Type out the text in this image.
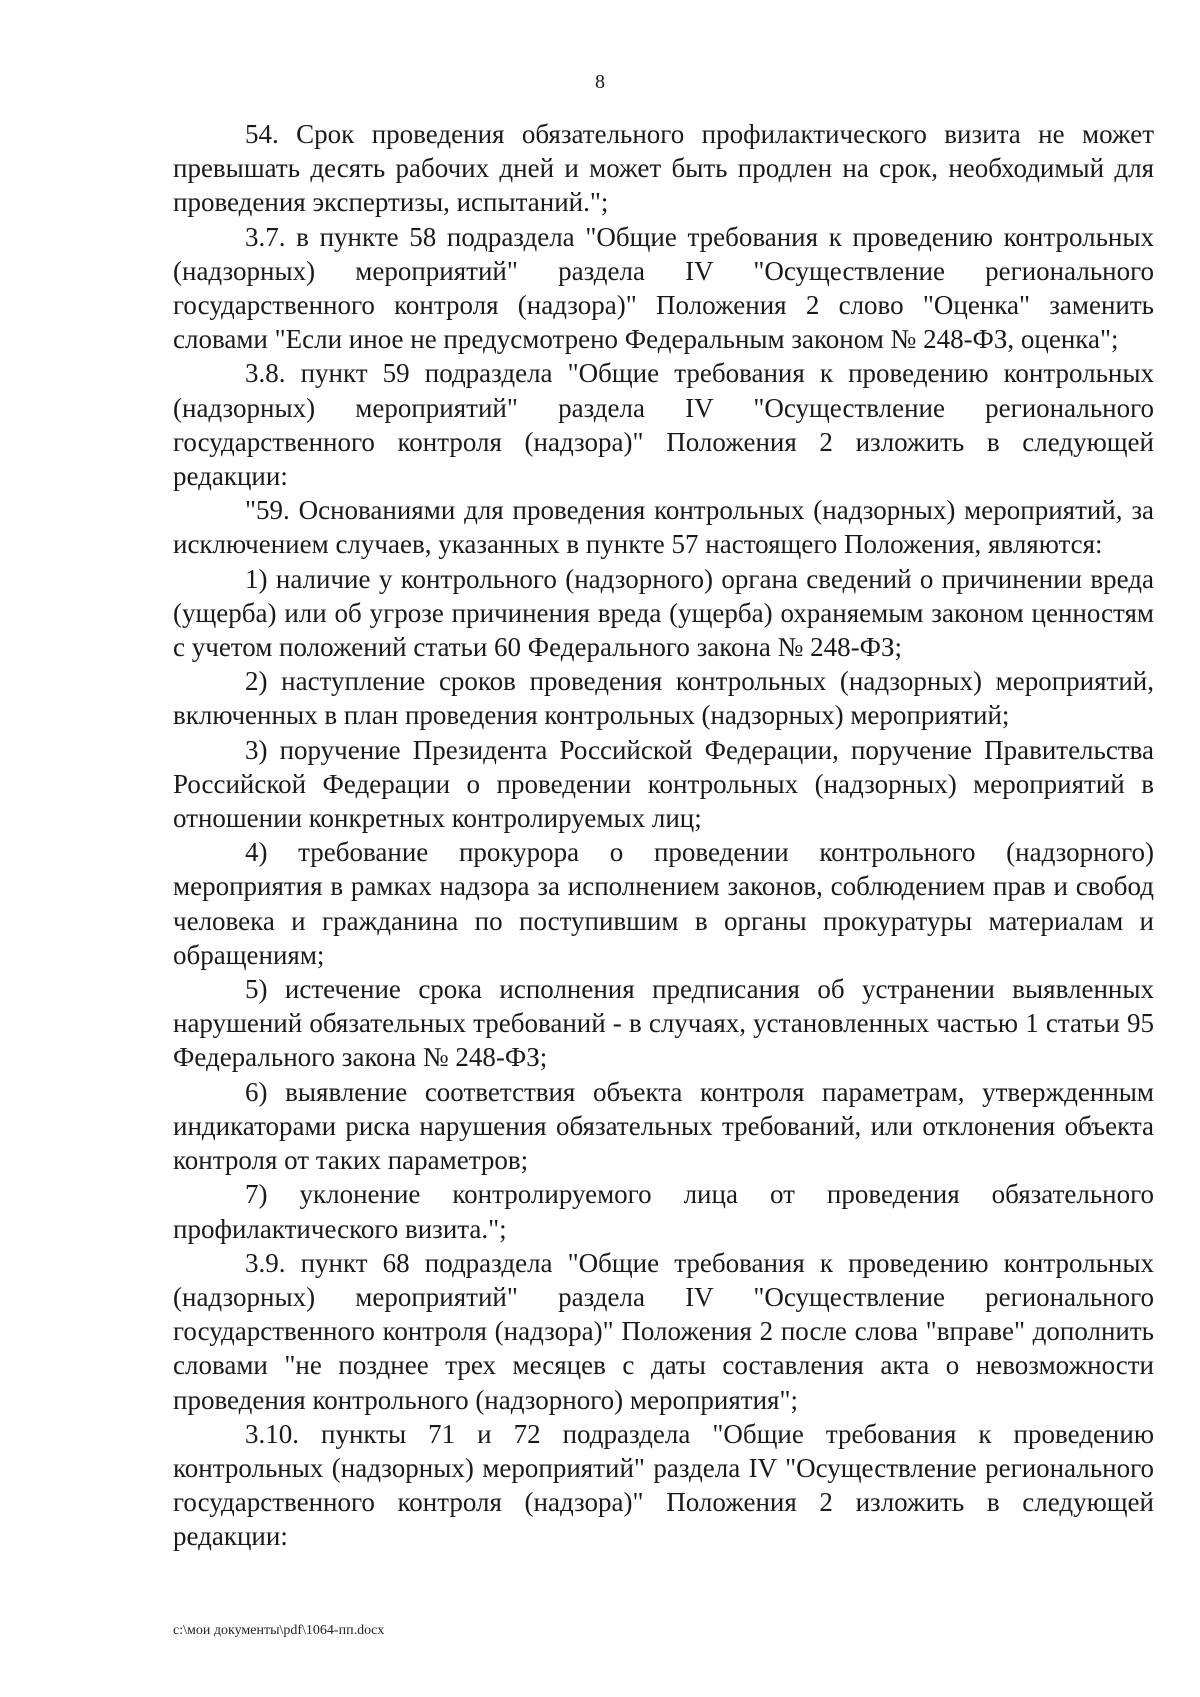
8

54. Срок проведения обязательного профилактического визита не может превышать десять рабочих дней и может быть продлен на срок, необходимый для проведения экспертизы, испытаний.";

3.7. в пункте 58 подраздела "Общие требования к проведению контрольных (надзорных) мероприятий" раздела IV "Осуществление регионального государственного контроля (надзора)" Положения 2 слово "Оценка" заменить словами "Если иное не предусмотрено Федеральным законом № 248-ФЗ, оценка";

3.8. пункт 59 подраздела "Общие требования к проведению контрольных (надзорных) мероприятий" раздела IV "Осуществление регионального государственного контроля (надзора)" Положения 2 изложить в следующей редакции:

"59. Основаниями для проведения контрольных (надзорных) мероприятий, за исключением случаев, указанных в пункте 57 настоящего Положения, являются:

1) наличие у контрольного (надзорного) органа сведений о причинении вреда (ущерба) или об угрозе причинения вреда (ущерба) охраняемым законом ценностям с учетом положений статьи 60 Федерального закона № 248-ФЗ;

2) наступление сроков проведения контрольных (надзорных) мероприятий, включенных в план проведения контрольных (надзорных) мероприятий;

3) поручение Президента Российской Федерации, поручение Правительства Российской Федерации о проведении контрольных (надзорных) мероприятий в отношении конкретных контролируемых лиц;

4) требование прокурора о проведении контрольного (надзорного) мероприятия в рамках надзора за исполнением законов, соблюдением прав и свобод человека и гражданина по поступившим в органы прокуратуры материалам и обращениям;

5) истечение срока исполнения предписания об устранении выявленных нарушений обязательных требований - в случаях, установленных частью 1 статьи 95 Федерального закона № 248-ФЗ;

6) выявление соответствия объекта контроля параметрам, утвержденным индикаторами риска нарушения обязательных требований, или отклонения объекта контроля от таких параметров;

7) уклонение контролируемого лица от проведения обязательного профилактического визита.";

3.9. пункт 68 подраздела "Общие требования к проведению контрольных (надзорных) мероприятий" раздела IV "Осуществление регионального государственного контроля (надзора)" Положения 2 после слова "вправе" дополнить словами "не позднее трех месяцев с даты составления акта о невозможности проведения контрольного (надзорного) мероприятия";

3.10. пункты 71 и 72 подраздела "Общие требования к проведению контрольных (надзорных) мероприятий" раздела IV "Осуществление регионального государственного контроля (надзора)" Положения 2 изложить в следующей редакции:

c:\мои документы\pdf\1064-пп.docx
